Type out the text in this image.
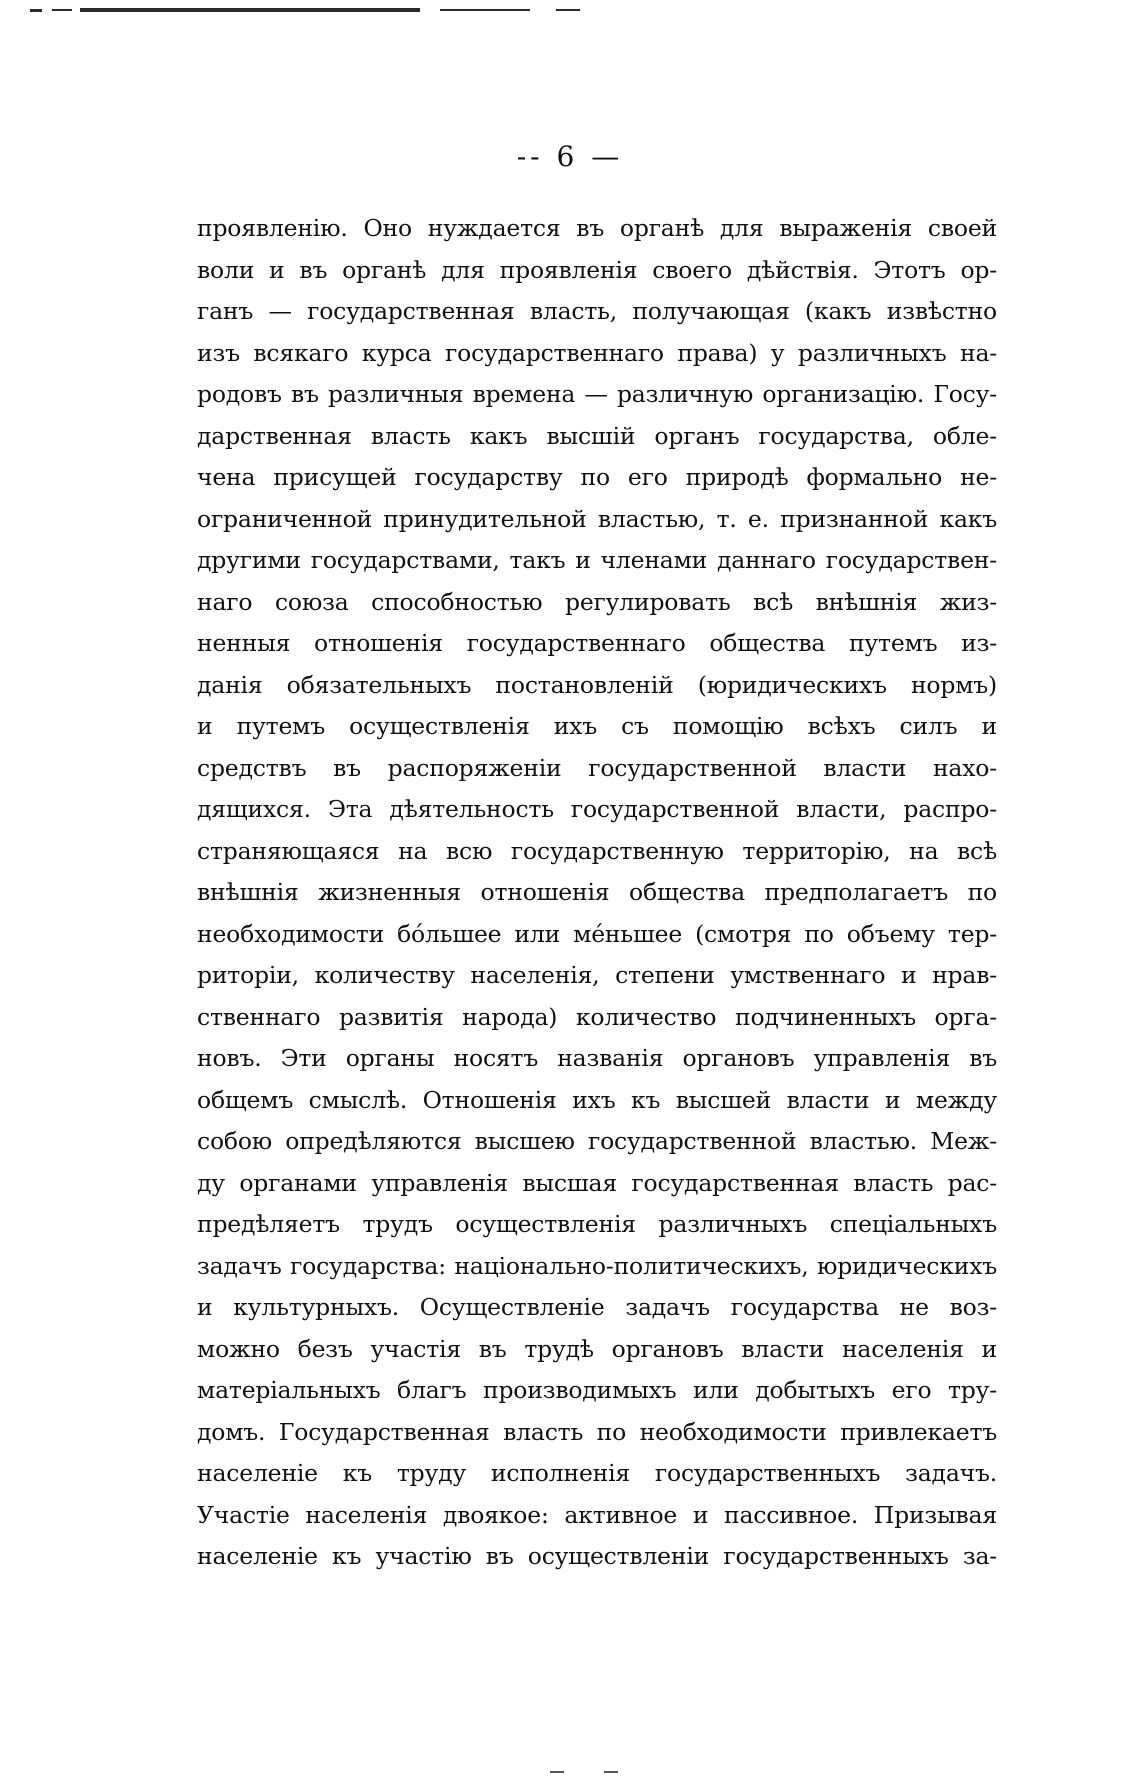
-- 6 —
проявленію. Оно нуждается въ органѣ для выраженія своей
воли и въ органѣ для проявленія своего дѣйствія. Этотъ ор-
ганъ — государственная власть, получающая (какъ извѣстно
изъ всякаго курса государственнаго права) у различныхъ на-
родовъ въ различныя времена — различную организацію. Госу-
дарственная власть какъ высшій органъ государства, обле-
чена присущей государству по его природѣ формально не-
ограниченной принудительной властью, т. е. признанной какъ
другими государствами, такъ и членами даннаго государствен-
наго союза способностью регулировать всѣ внѣшнія жиз-
ненныя отношенія государственнаго общества путемъ из-
данія обязательныхъ постановленій (юридическихъ нормъ)
и путемъ осуществленія ихъ съ помощію всѣхъ силъ и
средствъ въ распоряженіи государственной власти нахо-
дящихся. Эта дѣятельность государственной власти, распро-
страняющаяся на всю государственную территорію, на всѣ
внѣшнія жизненныя отношенія общества предполагаетъ по
необходимости бо́льшее или ме́ньшее (смотря по объему тер-
риторіи, количеству населенія, степени умственнаго и нрав-
ственнаго развитія народа) количество подчиненныхъ орга-
новъ. Эти органы носятъ названія органовъ управленія въ
общемъ смыслѣ. Отношенія ихъ къ высшей власти и между
собою опредѣляются высшею государственной властью. Меж-
ду органами управленія высшая государственная власть рас-
предѣляетъ трудъ осуществленія различныхъ спеціальныхъ
задачъ государства: національно-политическихъ, юридическихъ
и культурныхъ. Осуществленіе задачъ государства не воз-
можно безъ участія въ трудѣ органовъ власти населенія и
матеріальныхъ благъ производимыхъ или добытыхъ его тру-
домъ. Государственная власть по необходимости привлекаетъ
населеніе къ труду исполненія государственныхъ задачъ.
Участіе населенія двоякое: активное и пассивное. Призывая
населеніе къ участію въ осуществленіи государственныхъ за-
